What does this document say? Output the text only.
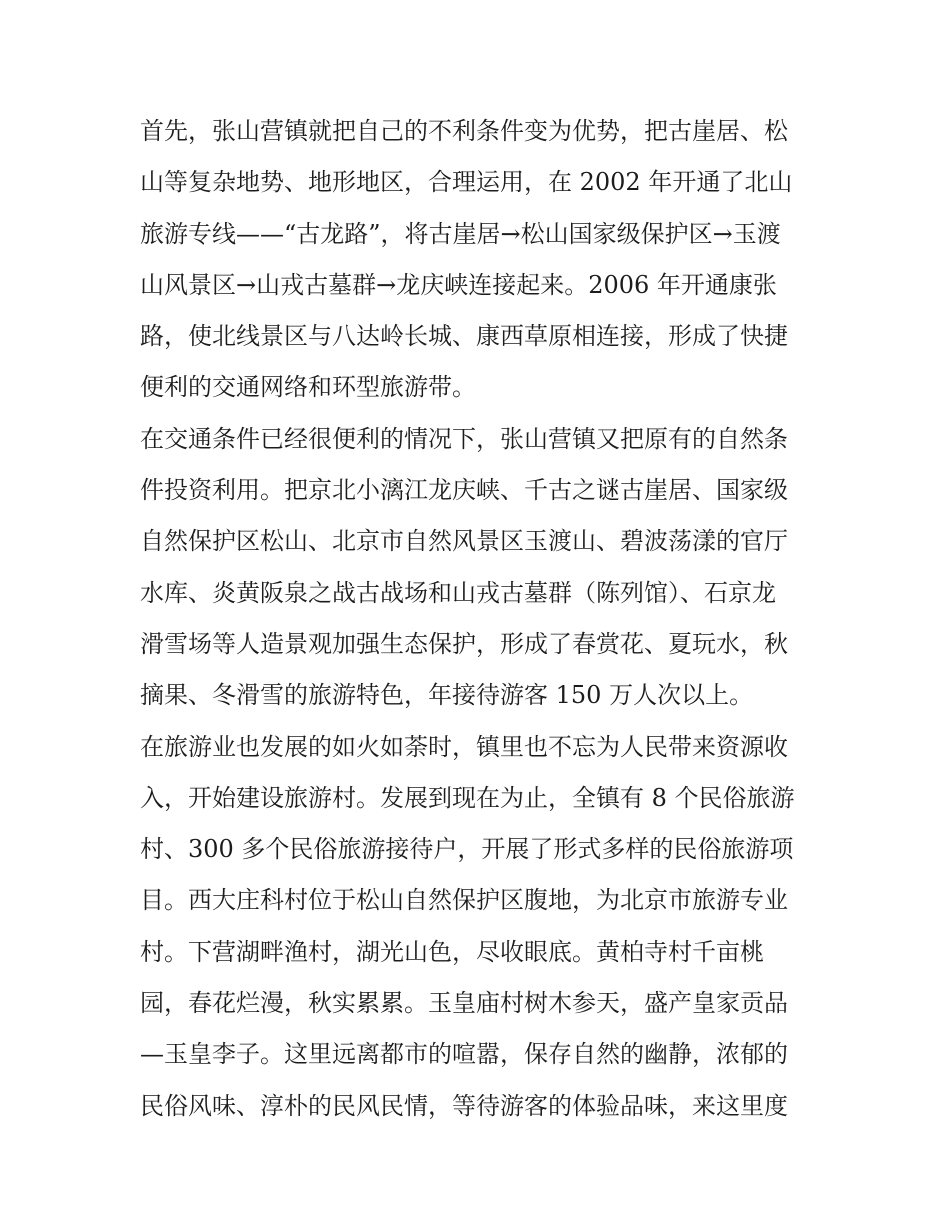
首先，张山营镇就把自己的不利条件变为优势，把古崖居、松
山等复杂地势、地形地区，合理运用，在 2002 年开通了北山
旅游专线——“古龙路”，将古崖居→松山国家级保护区→玉渡
山风景区→山戎古墓群→龙庆峡连接起来。2006 年开通康张
路，使北线景区与八达岭长城、康西草原相连接，形成了快捷
便利的交通网络和环型旅游带。
在交通条件已经很便利的情况下，张山营镇又把原有的自然条
件投资利用。把京北小漓江龙庆峡、千古之谜古崖居、国家级
自然保护区松山、北京市自然风景区玉渡山、碧波荡漾的官厅
水库、炎黄阪泉之战古战场和山戎古墓群（陈列馆）、石京龙
滑雪场等人造景观加强生态保护，形成了春赏花、夏玩水，秋
摘果、冬滑雪的旅游特色，年接待游客 150 万人次以上。
在旅游业也发展的如火如荼时，镇里也不忘为人民带来资源收
入，开始建设旅游村。发展到现在为止，全镇有 8 个民俗旅游
村、300 多个民俗旅游接待户，开展了形式多样的民俗旅游项
目。西大庄科村位于松山自然保护区腹地，为北京市旅游专业
村。下营湖畔渔村，湖光山色，尽收眼底。黄柏寺村千亩桃
园，春花烂漫，秋实累累。玉皇庙村树木参天，盛产皇家贡品
—玉皇李子。这里远离都市的喧嚣，保存自然的幽静，浓郁的
民俗风味、淳朴的民风民情，等待游客的体验品味，来这里度
